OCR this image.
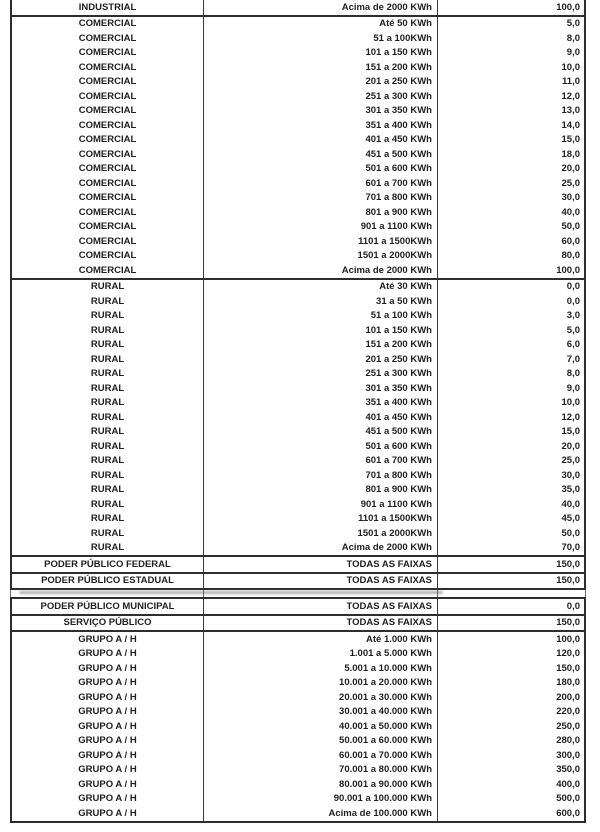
INDUSTRIAL	Acima de 2000 KWh	100,0
COMERCIAL	Até 50 KWh	5,0
COMERCIAL	51 a 100KWh	8,0
COMERCIAL	101 a 150 KWh	9,0
COMERCIAL	151 a 200 KWh	10,0
COMERCIAL	201 a 250 KWh	11,0
COMERCIAL	251 a 300 KWh	12,0
COMERCIAL	301 a 350 KWh	13,0
COMERCIAL	351 a 400 KWh	14,0
COMERCIAL	401 a 450 KWh	15,0
COMERCIAL	451 a 500 KWh	18,0
COMERCIAL	501 a 600 KWh	20,0
COMERCIAL	601 a 700 KWh	25,0
COMERCIAL	701 a 800 KWh	30,0
COMERCIAL	801 a 900 KWh	40,0
COMERCIAL	901 a 1100 KWh	50,0
COMERCIAL	1101 a 1500KWh	60,0
COMERCIAL	1501 a 2000KWh	80,0
COMERCIAL	Acima de 2000 KWh	100,0
RURAL	Até 30 KWh	0,0
RURAL	31 a 50 KWh	0,0
RURAL	51 a 100 KWh	3,0
RURAL	101 a 150 KWh	5,0
RURAL	151 a 200 KWh	6,0
RURAL	201 a 250 KWh	7,0
RURAL	251 a 300 KWh	8,0
RURAL	301 a 350 KWh	9,0
RURAL	351 a 400 KWh	10,0
RURAL	401 a 450 KWh	12,0
RURAL	451 a 500 KWh	15,0
RURAL	501 a 600 KWh	20,0
RURAL	601 a 700 KWh	25,0
RURAL	701 a 800 KWh	30,0
RURAL	801 a 900 KWh	35,0
RURAL	901 a 1100 KWh	40,0
RURAL	1101 a 1500KWh	45,0
RURAL	1501 a 2000KWh	50,0
RURAL	Acima de 2000 KWh	70,0
PODER PÚBLICO FEDERAL	TODAS AS FAIXAS	150,0
PODER PÚBLICO ESTADUAL	TODAS AS FAIXAS	150,0
PODER PÚBLICO MUNICIPAL	TODAS AS FAIXAS	0,0
SERVIÇO PÚBLICO	TODAS AS FAIXAS	150,0
GRUPO A / H	Até 1.000 KWh	100,0
GRUPO A / H	1.001 a 5.000 KWh	120,0
GRUPO A / H	5.001 a 10.000 KWh	150,0
GRUPO A / H	10.001 a 20.000 KWh	180,0
GRUPO A / H	20.001 a 30.000 KWh	200,0
GRUPO A / H	30.001 a 40.000 KWh	220,0
GRUPO A / H	40.001 a 50.000 KWh	250,0
GRUPO A / H	50.001 a 60.000 KWh	280,0
GRUPO A / H	60.001 a 70.000 KWh	300,0
GRUPO A / H	70.001 a 80.000 KWh	350,0
GRUPO A / H	80.001 a 90.000 KWh	400,0
GRUPO A / H	90.001 a 100.000 KWh	500,0
GRUPO A / H	Acima de 100.000 KWh	600,0
